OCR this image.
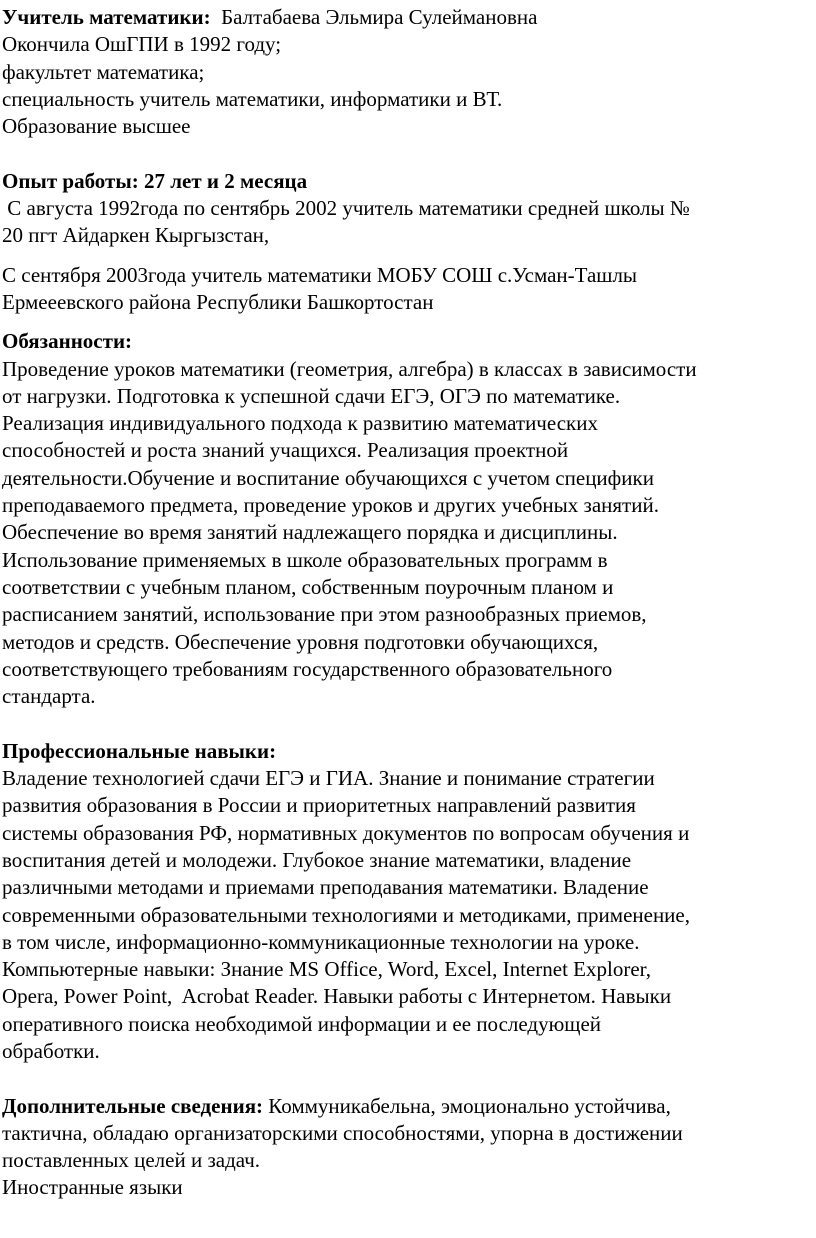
Учитель математики: Балтабаева Эльмира Сулеймановна
Окончила ОшГПИ в 1992 году;
факультет математика;
специальность учитель математики, информатики и ВТ.
Образование высшее
Опыт работы: 27 лет и 2 месяца
С августа 1992года по сентябрь 2002 учитель математики средней школы №
20 пгт Айдаркен Кыргызстан,
С сентября 2003года учитель математики МОБУ СОШ с.Усман-Ташлы
Ермееевского района Республики Башкортостан
Обязанности:
Проведение уроков математики (геометрия, алгебра) в классах в зависимости
от нагрузки. Подготовка к успешной сдачи ЕГЭ, ОГЭ по математике.
Реализация индивидуального подхода к развитию математических
способностей и роста знаний учащихся. Реализация проектной
деятельности.Обучение и воспитание обучающихся с учетом специфики
преподаваемого предмета, проведение уроков и других учебных занятий.
Обеспечение во время занятий надлежащего порядка и дисциплины.
Использование применяемых в школе образовательных программ в
соответствии с учебным планом, собственным поурочным планом и
расписанием занятий, использование при этом разнообразных приемов,
методов и средств. Обеспечение уровня подготовки обучающихся,
соответствующего требованиям государственного образовательного
стандарта.
Профессиональные навыки:
Владение технологией сдачи ЕГЭ и ГИА. Знание и понимание стратегии
развития образования в России и приоритетных направлений развития
системы образования РФ, нормативных документов по вопросам обучения и
воспитания детей и молодежи. Глубокое знание математики, владение
различными методами и приемами преподавания математики. Владение
современными образовательными технологиями и методиками, применение,
в том числе, информационно-коммуникационные технологии на уроке.
Компьютерные навыки: Знание MS Office, Word, Excel, Internet Explorer,
Opera, Power Point,  Acrobat Reader. Навыки работы с Интернетом. Навыки
оперативного поиска необходимой информации и ее последующей
обработки.
Дополнительные сведения: Коммуникабельна, эмоционально устойчива,
тактична, обладаю организаторскими способностями, упорна в достижении
поставленных целей и задач.
Иностранные языки
